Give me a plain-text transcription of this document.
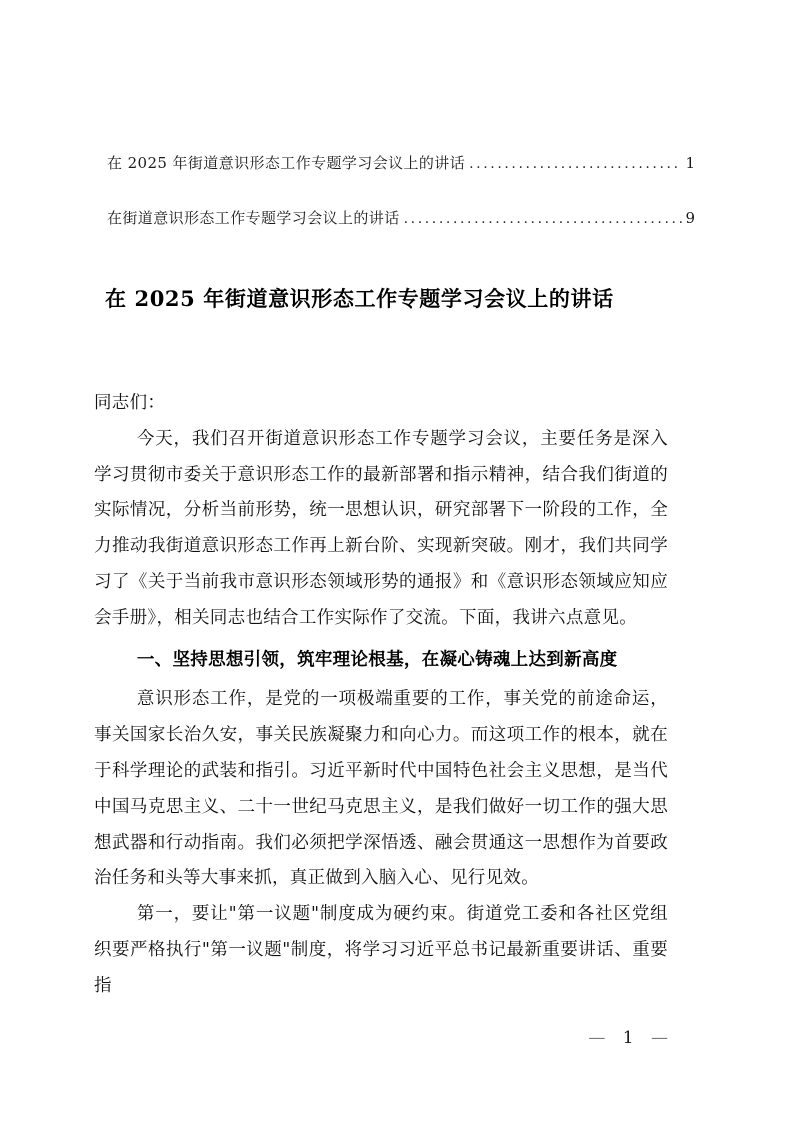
在 2025 年街道意识形态工作专题学习会议上的讲话 .....	1
在街道意识形态工作专题学习会议上的讲话 .....	9
在 2025 年街道意识形态工作专题学习会议上的讲话
同志们：
今天，我们召开街道意识形态工作专题学习会议，主要任务是深入学习贯彻市委关于意识形态工作的最新部署和指示精神，结合我们街道的实际情况，分析当前形势，统一思想认识，研究部署下一阶段的工作，全力推动我街道意识形态工作再上新台阶、实现新突破。刚才，我们共同学习了《关于当前我市意识形态领域形势的通报》和《意识形态领域应知应会手册》，相关同志也结合工作实际作了交流。下面，我讲六点意见。
一、坚持思想引领，筑牢理论根基，在凝心铸魂上达到新高度
意识形态工作，是党的一项极端重要的工作，事关党的前途命运，事关国家长治久安，事关民族凝聚力和向心力。而这项工作的根本，就在于科学理论的武装和指引。习近平新时代中国特色社会主义思想，是当代中国马克思主义、二十一世纪马克思主义，是我们做好一切工作的强大思想武器和行动指南。我们必须把学深悟透、融会贯通这一思想作为首要政治任务和头等大事来抓，真正做到入脑入心、见行见效。
第一，要让"第一议题"制度成为硬约束。街道党工委和各社区党组织要严格执行"第一议题"制度，将学习习近平总书记最新重要讲话、重要指
— 1 —
